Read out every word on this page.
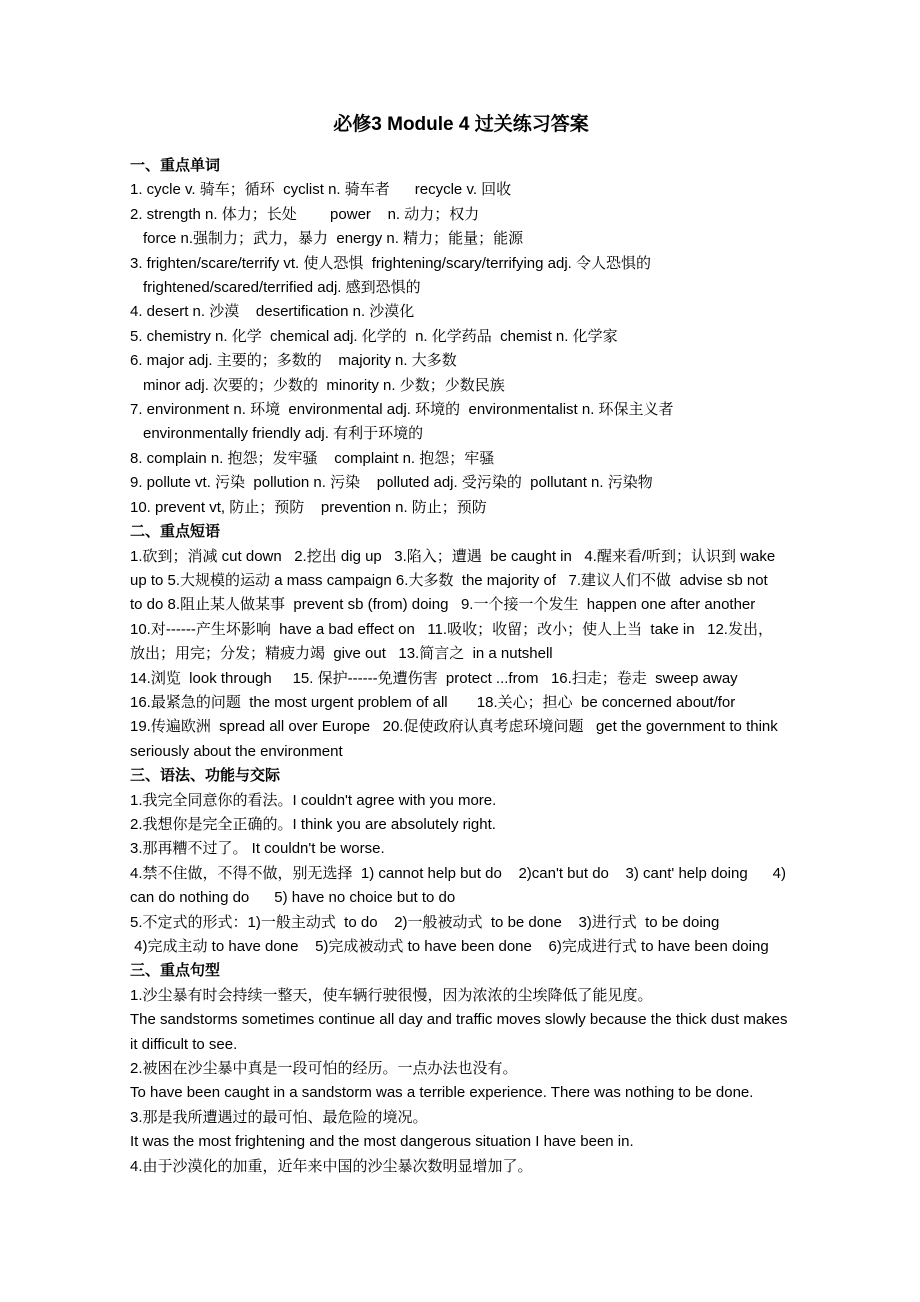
必修3 Module 4 过关练习答案
一、重点单词
1. cycle v. 骑车；循环  cyclist n. 骑车者      recycle v. 回收
2. strength n. 体力；长处        power    n. 动力；权力
force n.强制力；武力，暴力  energy n. 精力；能量；能源
3. frighten/scare/terrify vt. 使人恐惧  frightening/scary/terrifying adj. 令人恐惧的
frightened/scared/terrified adj. 感到恐惧的
4. desert n. 沙漠    desertification n. 沙漠化
5. chemistry n. 化学  chemical adj. 化学的  n. 化学药品  chemist n. 化学家
6. major adj. 主要的；多数的    majority n. 大多数
minor adj. 次要的；少数的  minority n. 少数；少数民族
7. environment n. 环境  environmental adj. 环境的  environmentalist n. 环保主义者
environmentally friendly adj. 有利于环境的
8. complain n. 抱怨；发牢骚    complaint n. 抱怨；牢骚
9. pollute vt. 污染  pollution n. 污染    polluted adj. 受污染的  pollutant n. 污染物
10. prevent vt, 防止；预防    prevention n. 防止；预防
二、重点短语
1.砍到；消减 cut down   2.挖出 dig up   3.陷入；遭遇  be caught in   4.醒来看/听到；认识到 wake
up to 5.大规模的运动 a mass campaign 6.大多数  the majority of   7.建议人们不做  advise sb not
to do 8.阻止某人做某事  prevent sb (from) doing   9.一个接一个发生  happen one after another
10.对------产生坏影响  have a bad effect on   11.吸收；收留；改小；使人上当  take in   12.发出，
放出；用完；分发；精疲力竭  give out   13.简言之  in a nutshell
14.浏览  look through     15. 保护------免遭伤害  protect ...from   16.扫走；卷走  sweep away
16.最紧急的问题  the most urgent problem of all       18.关心；担心  be concerned about/for
19.传遍欧洲  spread all over Europe   20.促使政府认真考虑环境问题   get the government to think
seriously about the environment
三、语法、功能与交际
1.我完全同意你的看法。I couldn't agree with you more.
2.我想你是完全正确的。I think you are absolutely right.
3.那再糟不过了。 It couldn't be worse.
4.禁不住做，不得不做，别无选择  1) cannot help but do    2)can't but do    3) cant' help doing      4)
can do nothing do      5) have no choice but to do
5.不定式的形式：1)一般主动式  to do    2)一般被动式  to be done    3)进行式  to be doing
4)完成主动 to have done    5)完成被动式 to have been done    6)完成进行式 to have been doing
三、重点句型
1.沙尘暴有时会持续一整天，使车辆行驶很慢，因为浓浓的尘埃降低了能见度。
The sandstorms sometimes continue all day and traffic moves slowly because the thick dust makes
it difficult to see.
2.被困在沙尘暴中真是一段可怕的经历。一点办法也没有。
To have been caught in a sandstorm was a terrible experience. There was nothing to be done.
3.那是我所遭遇过的最可怕、最危险的境况。
It was the most frightening and the most dangerous situation I have been in.
4.由于沙漠化的加重，近年来中国的沙尘暴次数明显增加了。
